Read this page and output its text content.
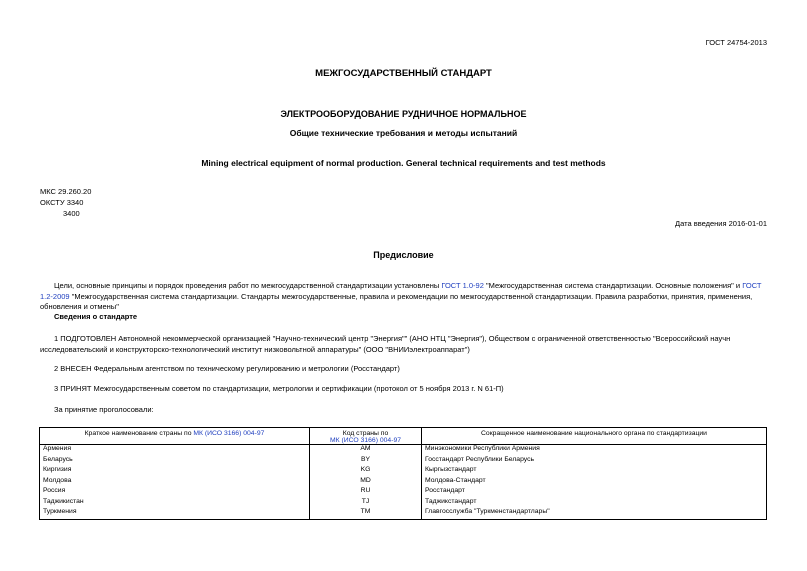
ГОСТ 24754-2013
МЕЖГОСУДАРСТВЕННЫЙ СТАНДАРТ
ЭЛЕКТРООБОРУДОВАНИЕ РУДНИЧНОЕ НОРМАЛЬНОЕ
Общие технические требования и методы испытаний
Mining electrical equipment of normal production. General technical requirements and test methods
МКС 29.260.20
ОКСТУ 3340
3400
Дата введения 2016-01-01
Предисловие
Цели, основные принципы и порядок проведения работ по межгосударственной стандартизации установлены ГОСТ 1.0-92 "Межгосударственная система стандартизации. Основные положения" и ГОСТ 1.2-2009 "Межгосударственная система стандартизации. Стандарты межгосударственные, правила и рекомендации по межгосударственной стандартизации. Правила разработки, принятия, применения, обновления и отмены"
Сведения о стандарте
1 ПОДГОТОВЛЕН Автономной некоммерческой организацией "Научно-технический центр "Энергия"" (АНО НТЦ "Энергия"), Обществом с ограниченной ответственностью "Всероссийский научн
исследовательский и конструкторско-технологический институт низковольтной аппаратуры" (ООО "ВНИИэлектроаппарат")
2 ВНЕСЕН Федеральным агентством по техническому регулированию и метрологии (Росстандарт)
3 ПРИНЯТ Межгосударственным советом по стандартизации, метрологии и сертификации (протокол от 5 ноября 2013 г. N 61-П)
За принятие проголосовали:
Краткое наименование страны по МК (ИСО 3166) 004-97	Код страны по
МК (ИСО 3166) 004-97	Сокращенное наименование национального органа по стандартизации
Армения	AM	Минэкономики Республики Армения
Беларусь	BY	Госстандарт Республики Беларусь
Киргизия	KG	Кыргызстандарт
Молдова	MD	Молдова-Стандарт
Россия	RU	Росстандарт
Таджикистан	TJ	Таджикстандарт
Туркмения	TM	Главгосслужба "Туркменстандартлары"
